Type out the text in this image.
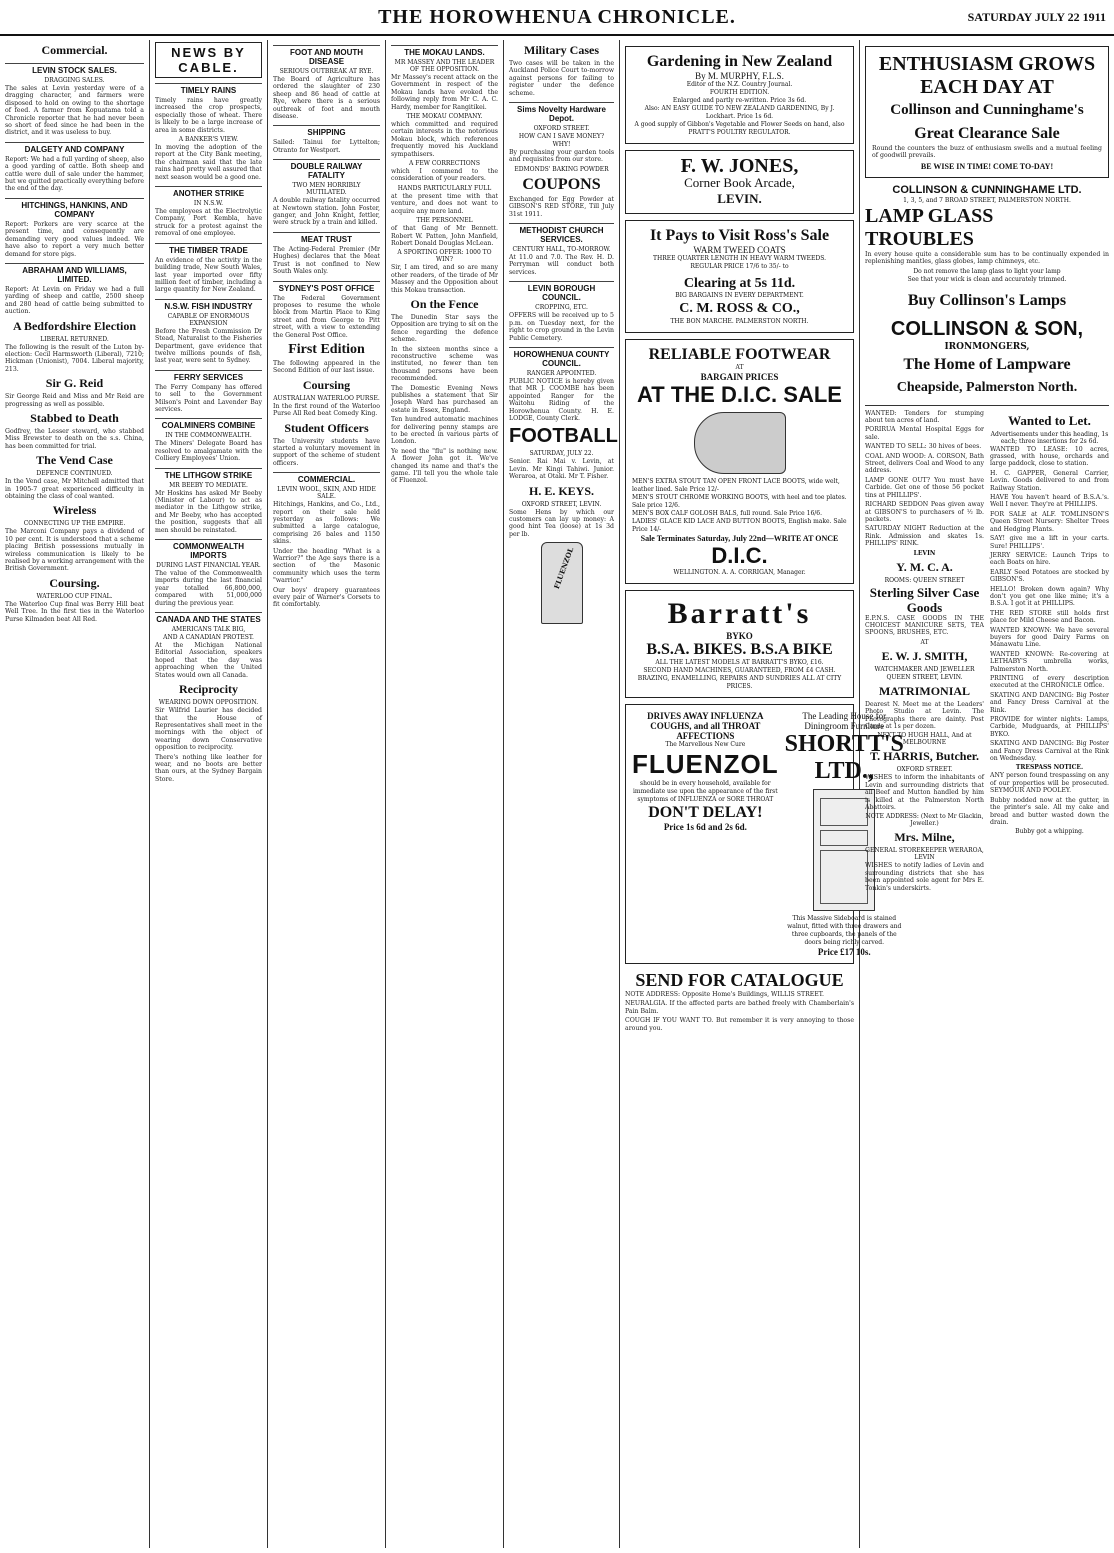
THE HOROWHENUA CHRONICLE.	SATURDAY JULY 22 1911
Commercial.
LEVIN STOCK SALES.
DRAGGING SALES.

The sales at Levin yesterday were of a dragging character, and farmers were disposed to hold on owing to the shortage of feed. A farmer from Kopuatama told a Chronicle reporter that he had never been so short of feed since he had been in the district, and it was useless to buy.

DALGETY AND COMPANY

Report: We had a full yarding of sheep, also a good yarding of cattle. Both sheep and cattle were dull of sale under the hammer, but we quitted practically everything before the end of the day.

HITCHINGS, HANKINS, AND COMPANY

Report: Porkers are very scarce at the present time, and consequently are demanding very good values indeed. We have also to report a very much better demand for store pigs.

ABRAHAM AND WILLIAMS, LIMITED.

Report: At Levin on Friday we had a full yarding of sheep and cattle, 2500 sheep and 280 head of cattle being submitted to auction.

A Bedfordshire Election
LIBERAL RETURNED.

The following is the result of the Luton by-election: Cecil Harmsworth (Liberal), 7210; Hickman (Unionist), 7004. Liberal majority, 213.

Sir G. Reid

Sir George Reid and Miss and Mr Reid are progressing as well as possible.

Stabbed to Death

Godfrey, the Lesser steward, who stabbed Miss Brewster to death on the s.s. China, has been committed for trial.

The Vend Case
DEFENCE CONTINUED.

In the Vend case, Mr Mitchell admitted that in 1905-7 great experienced difficulty in obtaining the class of coal wanted.

Wireless
CONNECTING UP THE EMPIRE.

The Marconi Company pays a dividend of 10 per cent. It is understood that a scheme placing British possessions mutually in wireless communication is likely to be realised by a working arrangement with the British Government.

Coursing.
WATERLOO CUP FINAL.

The Waterloo Cup final was Berry Hill beat Well Tree. In the first ties in the Waterloo Purse Kilmaden beat All Red.

NEWS BY CABLE.
TIMELY RAINS

Timely rains have greatly increased the crop prospects, especially those of wheat. There is likely to be a large increase of area in some districts.

A BANKER'S VIEW.

In moving the adoption of the report at the City Bank meeting, the chairman said that the late rains had pretty well assured that next season would be a good one.

ANOTHER STRIKE
IN N.S.W.

The employees at the Electrolytic Company, Port Kembla, have struck for a protest against the removal of one employee.

THE TIMBER TRADE

An evidence of the activity in the building trade, New South Wales, last year imported over fifty million feet of timber, including a large quantity for New Zealand.

N.S.W. FISH INDUSTRY
CAPABLE OF ENORMOUS EXPANSION

Before the Fresh Commission Dr Stead, Naturalist to the Fisheries Department, gave evidence that twelve millions pounds of fish, last year, were sent to Sydney.

FERRY SERVICES

The Ferry Company has offered to sell to the Government Milson's Point and Lavender Bay services.

COALMINERS COMBINE
IN THE COMMONWEALTH.

The Miners' Delegate Board has resolved to amalgamate with the Colliery Employees' Union.

THE LITHGOW STRIKE
MR BEEBY TO MEDIATE.

Mr Hoskins has asked Mr Beeby (Minister of Labour) to act as mediator in the Lithgow strike, and Mr Beeby, who has accepted the position, suggests that all men should be reinstated.

COMMONWEALTH IMPORTS
DURING LAST FINANCIAL YEAR.

The value of the Commonwealth imports during the last financial year totalled 66,800,000, compared with 51,000,000 during the previous year.

CANADA AND THE STATES
AMERICANS TALK BIG,
AND A CANADIAN PROTEST.

At the Michigan National Editorial Association, speakers hoped that the day was approaching when the United States would own all Canada.

Reciprocity
WEARING DOWN OPPOSITION.

Sir Wilfrid Laurier has decided that the House of Representatives shall meet in the mornings with the object of wearing down Conservative opposition to reciprocity.

There's nothing like leather for wear, and no boots are better than ours, at the Sydney Bargain Store.

FOOT AND MOUTH DISEASE
SERIOUS OUTBREAK AT RYE.

The Board of Agriculture has ordered the slaughter of 230 sheep and 86 head of cattle at Rye, where there is a serious outbreak of foot and mouth disease.

SHIPPING

Sailed: Tainui for Lyttelton; Otranto for Westport.

DOUBLE RAILWAY FATALITY
TWO MEN HORRIBLY MUTILATED.

A double railway fatality occurred at Newtown station. John Foster, ganger, and John Knight, fettler, were struck by a train and killed.

MEAT TRUST

The Acting-Federal Premier (Mr Hughes) declares that the Meat Trust is not confined to New South Wales only.

SYDNEY'S POST OFFICE

The Federal Government proposes to resume the whole block from Martin Place to King street and from George to Pitt street, with a view to extending the General Post Office.

First Edition

The following appeared in the Second Edition of our last issue.

Coursing
AUSTRALIAN WATERLOO PURSE.

In the first round of the Waterloo Purse All Red beat Comedy King.

Student Officers

The University students have started a voluntary movement in support of the scheme of student officers.

COMMERCIAL.
LEVIN WOOL, SKIN, AND HIDE SALE.

Hitchings, Hankins, and Co., Ltd., report on their sale held yesterday as follows: We submitted a large catalogue, comprising 26 bales and 1150 skins.

Under the heading "What is a Warrior?" the Age says there is a section of the Masonic community which uses the term "warrior."

Our boys' drapery guarantees every pair of Warner's Corsets to fit comfortably.

THE MOKAU LANDS.
MR MASSEY AND THE LEADER OF THE OPPOSITION.

Mr Massey's recent attack on the Government in respect of the Mokau lands have evoked the following reply from Mr C. A. C. Hardy, member for Rangitikei.

THE MOKAU COMPANY.

which committed and required certain interests in the notorious Mokau block, which references frequently moved his Auckland sympathisers.

A FEW CORRECTIONS

which I commend to the consideration of your readers.

HANDS PARTICULARLY FULL

at the present time with that venture, and does not want to acquire any more land.

THE PERSONNEL

of that Gang of Mr Bennett. Robert W. Patten, John Manfield, Robert Donald Douglas McLean.

A SPORTING OFFER: 1000 TO WIN?

Sir, I am tired, and so are many other readers, of the tirade of Mr Massey and the Opposition about this Mokau transaction.

On the Fence

The Dunedin Star says the Opposition are trying to sit on the fence regarding the defence scheme.

In the sixteen months since a reconstructive scheme was instituted, no fewer than ten thousand persons have been recommended.

The Domestic Evening News publishes a statement that Sir Joseph Ward has purchased an estate in Essex, England.

Ten hundred automatic machines for delivering penny stamps are to be erected in various parts of London.

Ye need the "flu" is nothing new. A flower John got it. We've changed its name and that's the game. I'll tell you the whole tale of Fluenzol.

Military Cases

Two cases will be taken in the Auckland Police Court to-morrow against persons for failing to register under the defence scheme.

Sims Novelty Hardware Depot.
OXFORD STREET.
HOW CAN I SAVE MONEY?
WHY!

By purchasing your garden tools and requisites from our store.

EDMONDS' BAKING POWDER
COUPONS

Exchanged for Egg Powder at GIBSON'S RED STORE, Till July 31st 1911.

METHODIST CHURCH SERVICES.
CENTURY HALL, TO-MORROW.

At 11.0 and 7.0. The Rev. H. D. Perryman will conduct both services.

LEVIN BOROUGH COUNCIL.
CROPPING, ETC.

OFFERS will be received up to 5 p.m. on Tuesday next, for the right to crop ground in the Levin Public Cemetery.

HOROWHENUA COUNTY COUNCIL.
RANGER APPOINTED.

PUBLIC NOTICE is hereby given that MR J. COOMBE has been appointed Ranger for the Waitohu Riding of the Horowhenua County. H. E. LODGE, County Clerk.

FOOTBALL
SATURDAY, JULY 22.

Senior. Rai Mai v. Levin, at Levin. Mr Kingi Tahiwi. Junior. Weraroa, at Otaki. Mr T. Fisher.

H. E. KEYS.
OXFORD STREET, LEVIN.

Some Hens by which our customers can lay up money: A good hint Tea (loose) at 1s 3d per lb.

FLUENZOL
Gardening in New Zealand
By M. MURPHY, F.L.S.
Editor of the N.Z. Country Journal.
FOURTH EDITION.
Enlarged and partly re-written. Price 3s 6d.
Also: AN EASY GUIDE TO NEW ZEALAND GARDENING, By J. Lockhart. Price 1s 6d.
A good supply of Gibbon's Vegetable and Flower Seeds on hand, also PRATT'S POULTRY REGULATOR.
F. W. JONES,
Corner Book Arcade,
LEVIN.
It Pays to Visit Ross's Sale
WARM TWEED COATS
THREE QUARTER LENGTH IN HEAVY WARM TWEEDS.
REGULAR PRICE 17/6 to 35/- to
Clearing at 5s 11d.
BIG BARGAINS IN EVERY DEPARTMENT.
C. M. ROSS & CO.,
THE BON MARCHE. PALMERSTON NORTH.
RELIABLE FOOTWEAR
AT
BARGAIN PRICES
AT THE D.I.C. SALE
MEN'S EXTRA STOUT TAN OPEN FRONT LACE BOOTS, wide welt, leather lined. Sale Price 12/-
MEN'S STOUT CHROME WORKING BOOTS, with heel and toe plates. Sale price 12/6.
MEN'S BOX CALF GOLOSH BALS, full round. Sale Price 16/6.
LADIES' GLACE KID LACE AND BUTTON BOOTS, English make. Sale Price 14/-
Sale Terminates Saturday, July 22nd—WRITE AT ONCE
D.I.C.
WELLINGTON. A. A. CORRIGAN, Manager.
Barratt's
BYKO
B.S.A. BIKES. B.S.A BIKE
ALL THE LATEST MODELS AT BARRATT'S BYKO, £16.
SECOND HAND MACHINES, GUARANTEED, FROM £4 CASH.
BRAZING, ENAMELLING, REPAIRS AND SUNDRIES ALL AT CITY PRICES.
DRIVES AWAY INFLUENZA COUGHS, and all THROAT AFFECTIONS
The Marvellous New Cure
FLUENZOL
should be in every household, available for immediate use upon the appearance of the first symptoms of INFLUENZA or SORE THROAT
DON'T DELAY!
Price 1s 6d and 2s 6d.
The Leading House for Diningroom Furniture
SHORTT'S LTD.,
This Massive Sideboard is stained walnut, fitted with three drawers and three cupboards, the panels of the doors being richly carved.
Price £17 10s.
SEND FOR CATALOGUE

NOTE ADDRESS: Opposite Home's Buildings, WILLIS STREET.

NEURALGIA. If the affected parts are bathed freely with Chamberlain's Pain Balm.

COUGH IF YOU WANT TO. But remember it is very annoying to those around you.

ENTHUSIASM GROWS
EACH DAY AT
Collinson and Cunninghame's
Great Clearance Sale

Round the counters the buzz of enthusiasm swells and a mutual feeling of goodwill prevails.

BE WISE IN TIME! COME TO-DAY!
COLLINSON & CUNNINGHAME LTD.
1, 3, 5, and 7 BROAD STREET, PALMERSTON NORTH.
LAMP GLASS
TROUBLES

In every house quite a considerable sum has to be continually expended in replenishing mantles, glass globes, lamp chimneys, etc.

Do not remove the lamp glass to light your lamp
See that your wick is clean and accurately trimmed.
Buy Collinson's Lamps
COLLINSON & SON,
IRONMONGERS,
The Home of Lampware
Cheapside, Palmerston North.

WANTED: Tenders for stumping about ten acres of land.

PORIRUA Mental Hospital Eggs for sale.

WANTED TO SELL: 30 hives of bees.

COAL AND WOOD: A. CORSON, Bath Street, delivers Coal and Wood to any address.

LAMP GONE OUT? You must have Carbide. Get one of those 56 pocket tins at PHILLIPS'.

RICHARD SEDDON Peas given away at GIBSON'S to purchasers of ½ lb. packets.

SATURDAY NIGHT Reduction at the Rink. Admission and skates 1s. PHILLIPS' RINK.

LEVIN
Y. M. C. A.
ROOMS: QUEEN STREET
Sterling Silver Case Goods

E.P.N.S. CASE GOODS IN THE CHOICEST MANICURE SETS, TEA SPOONS, BRUSHES, ETC.

AT
E. W. J. SMITH,
WATCHMAKER AND JEWELLER
QUEEN STREET, LEVIN.
MATRIMONIAL

Dearest N. Meet me at the Leaders' Photo Studio at Levin. The Photographs there are dainty. Post Cards at 1s per dozen.

NEXT TO HUGH HALL, And at MELBOURNE
T. HARRIS, Butcher.
OXFORD STREET.

WISHES to inform the inhabitants of Levin and surrounding districts that all Beef and Mutton handled by him is killed at the Palmerston North Abattoirs.

NOTE ADDRESS: (Next to Mr Glackin, Jeweller.)
Mrs. Milne,
GENERAL STOREKEEPER WERAROA, LEVIN

WISHES to notify ladies of Levin and surrounding districts that she has been appointed sole agent for Mrs E. Tonkin's underskirts.

Wanted to Let.
Advertisements under this heading, 1s each; three insertions for 2s 6d.

WANTED TO LEASE: 10 acres, grassed, with house, orchards and large paddock, close to station.

H. C. GAPPER, General Carrier, Levin. Goods delivered to and from Railway Station.

HAVE You haven't heard of B.S.A.'s. Well I never. They're at PHILLIPS.

FOR SALE at ALF. TOMLINSON'S Queen Street Nursery: Shelter Trees and Hedging Plants.

SAY! give me a lift in your carts. Sure! PHILLIPS'.

JERRY SERVICE: Launch Trips to each Boats on hire.

EARLY Seed Potatoes are stocked by GIBSON'S.

HELLO! Broken down again? Why don't you get one like mine; it's a B.S.A. I got it at PHILLIPS.

THE RED STORE still holds first place for Mild Cheese and Bacon.

WANTED KNOWN: We have several buyers for good Dairy Farms on Manawatu Line.

WANTED KNOWN: Re-covering at LETHABY'S umbrella works, Palmerston North.

PRINTING of every description executed at the CHRONICLE Office.

SKATING AND DANCING: Big Poster and Fancy Dress Carnival at the Rink.

PROVIDE for winter nights: Lamps, Carbide, Mudguards, at PHILLIPS' BYKO.

SKATING AND DANCING: Big Poster and Fancy Dress Carnival at the Rink on Wednesday.

TRESPASS NOTICE.

ANY person found trespassing on any of our properties will be prosecuted. SEYMOUR AND POOLEY.

Bubby nodded now at the gutter, in the printer's sale. All my cake and bread and butter wasted down the drain.

Bubby got a whipping.
